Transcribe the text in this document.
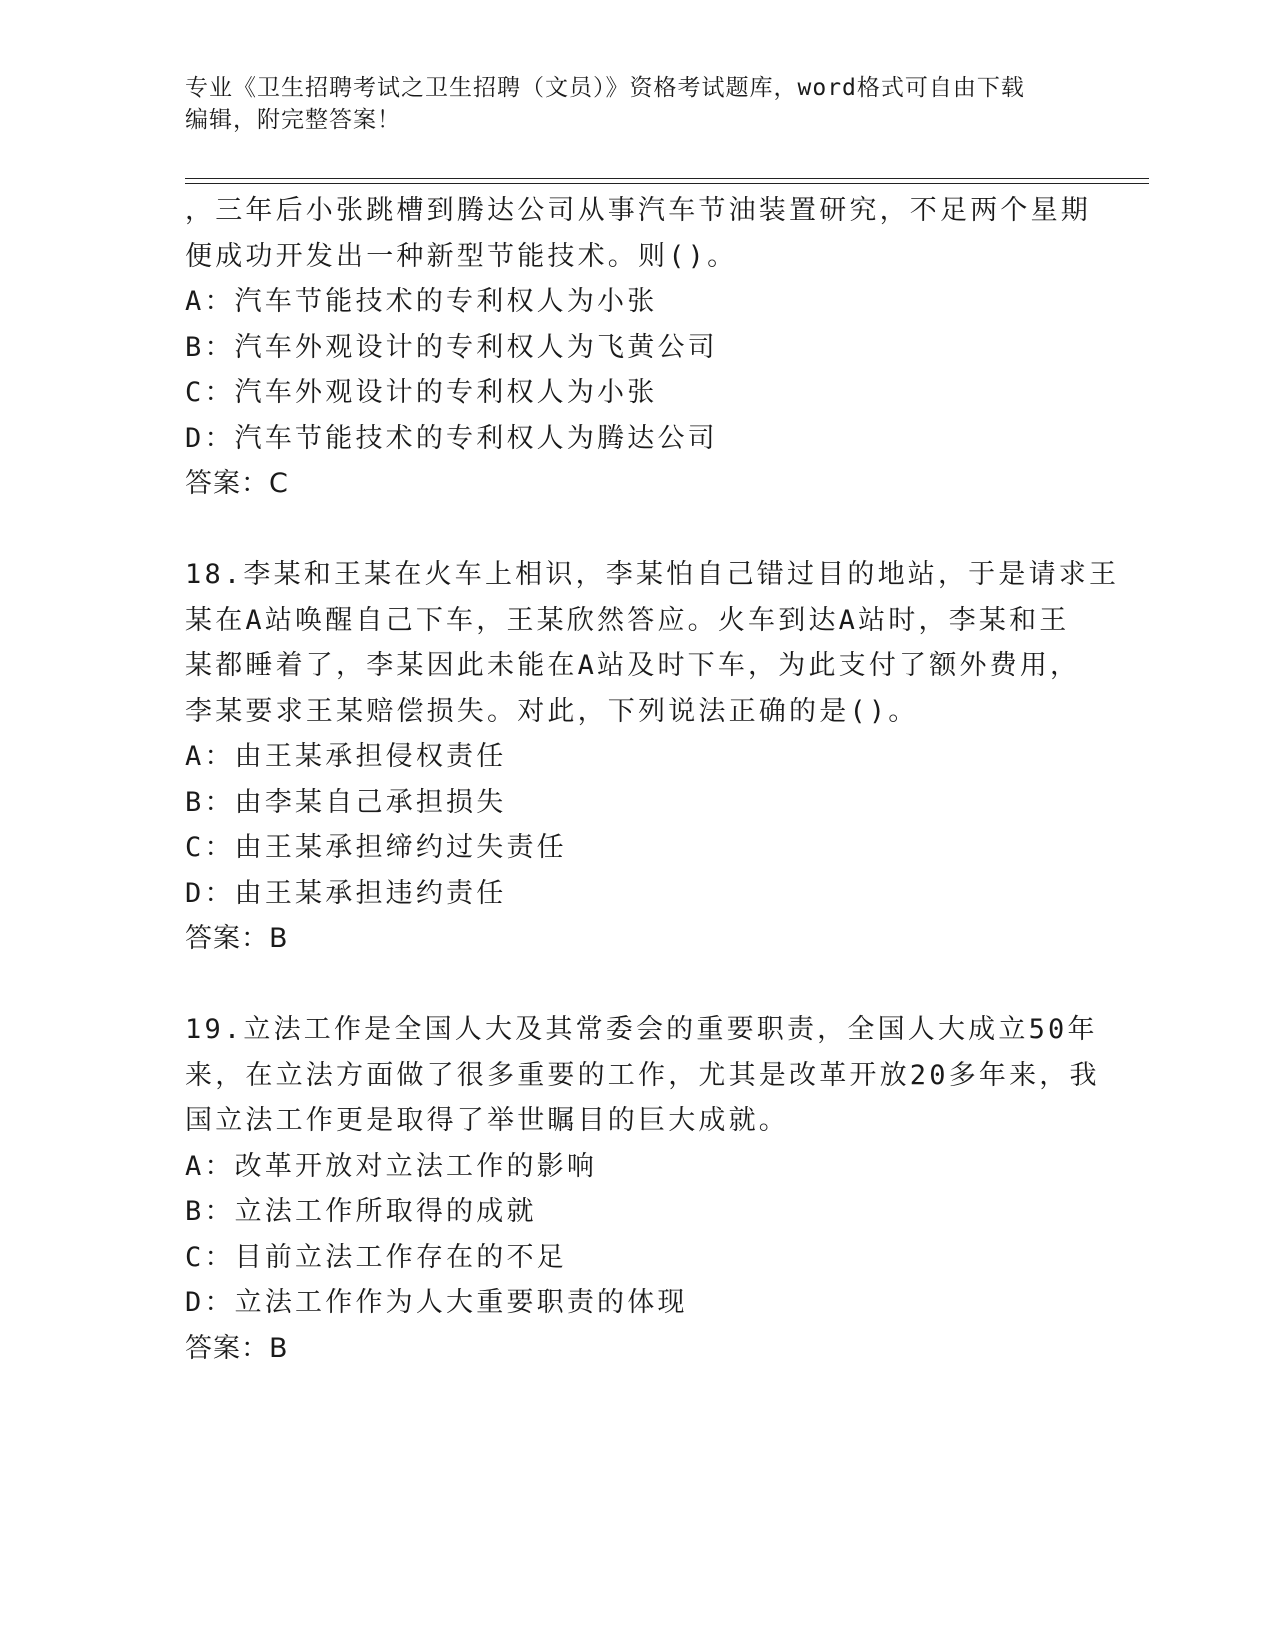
专业《卫生招聘考试之卫生招聘（文员）》资格考试题库，word格式可自由下载
编辑，附完整答案！
，三年后小张跳槽到腾达公司从事汽车节油装置研究，不足两个星期
便成功开发出一种新型节能技术。则()。
A：汽车节能技术的专利权人为小张
B：汽车外观设计的专利权人为飞黄公司
C：汽车外观设计的专利权人为小张
D：汽车节能技术的专利权人为腾达公司
答案：C
18.李某和王某在火车上相识，李某怕自己错过目的地站，于是请求王
某在A站唤醒自己下车，王某欣然答应。火车到达A站时，李某和王
某都睡着了，李某因此未能在A站及时下车，为此支付了额外费用，
李某要求王某赔偿损失。对此，下列说法正确的是()。
A：由王某承担侵权责任
B：由李某自己承担损失
C：由王某承担缔约过失责任
D：由王某承担违约责任
答案：B
19.立法工作是全国人大及其常委会的重要职责，全国人大成立50年
来，在立法方面做了很多重要的工作，尤其是改革开放20多年来，我
国立法工作更是取得了举世瞩目的巨大成就。
A：改革开放对立法工作的影响
B：立法工作所取得的成就
C：目前立法工作存在的不足
D：立法工作作为人大重要职责的体现
答案：B
